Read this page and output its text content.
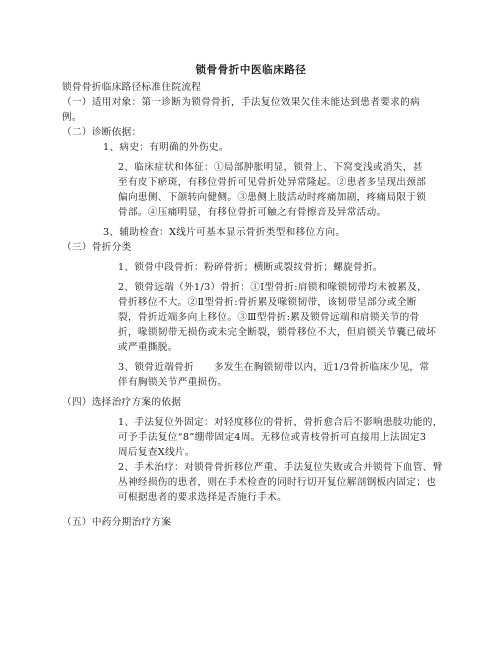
锁骨骨折中医临床路径
锁骨骨折临床路径标准住院流程
（一）适用对象：第一诊断为锁骨骨折，手法复位效果欠佳未能达到患者要求的病
例。
（二）诊断依据：
1、病史：有明确的外伤史。
2、临床症状和体征：①局部肿胀明显，锁骨上、下窝变浅或消失，甚
至有皮下瘀斑，有移位骨折可见骨折处异常隆起。②患者多呈现出颈部
偏向患侧、下颌转向健侧。③患侧上肢活动时疼痛加剧，疼痛局限于锁
骨部。④压痛明显，有移位骨折可触之有骨擦音及异常活动。
3、辅助检查：X线片可基本显示骨折类型和移位方向。
（三）骨折分类
1、锁骨中段骨折：粉碎骨折；横断或裂纹骨折；螺旋骨折。
2、锁骨远端（外1/3）骨折：①Ⅰ型骨折:肩锁和喙锁韧带均未被累及，
骨折移位不大。②Ⅱ型骨折:骨折累及喙锁韧带，该韧带呈部分或全断
裂，骨折近端多向上移位。③Ⅲ型骨折:累及锁骨远端和肩锁关节的骨
折，喙锁韧带无损伤或未完全断裂，锁骨移位不大，但肩锁关节囊已破坏
或严重撕脱。
3、锁骨近端骨折　　多发生在胸锁韧带以内，近1/3骨折临床少见，常
伴有胸锁关节严重损伤。
（四）选择治疗方案的依据
1、手法复位外固定：对轻度移位的骨折，骨折愈合后不影响患肢功能的，
可予手法复位“8”绷带固定4周。无移位或青枝骨折可直接用上法固定3
周后复查X线片。
2、手术治疗：对锁骨骨折移位严重、手法复位失败或合并锁骨下血管、臂
丛神经损伤的患者，则在手术检查的同时行切开复位解剖钢板内固定；也
可根据患者的要求选择是否施行手术。
（五）中药分期治疗方案
